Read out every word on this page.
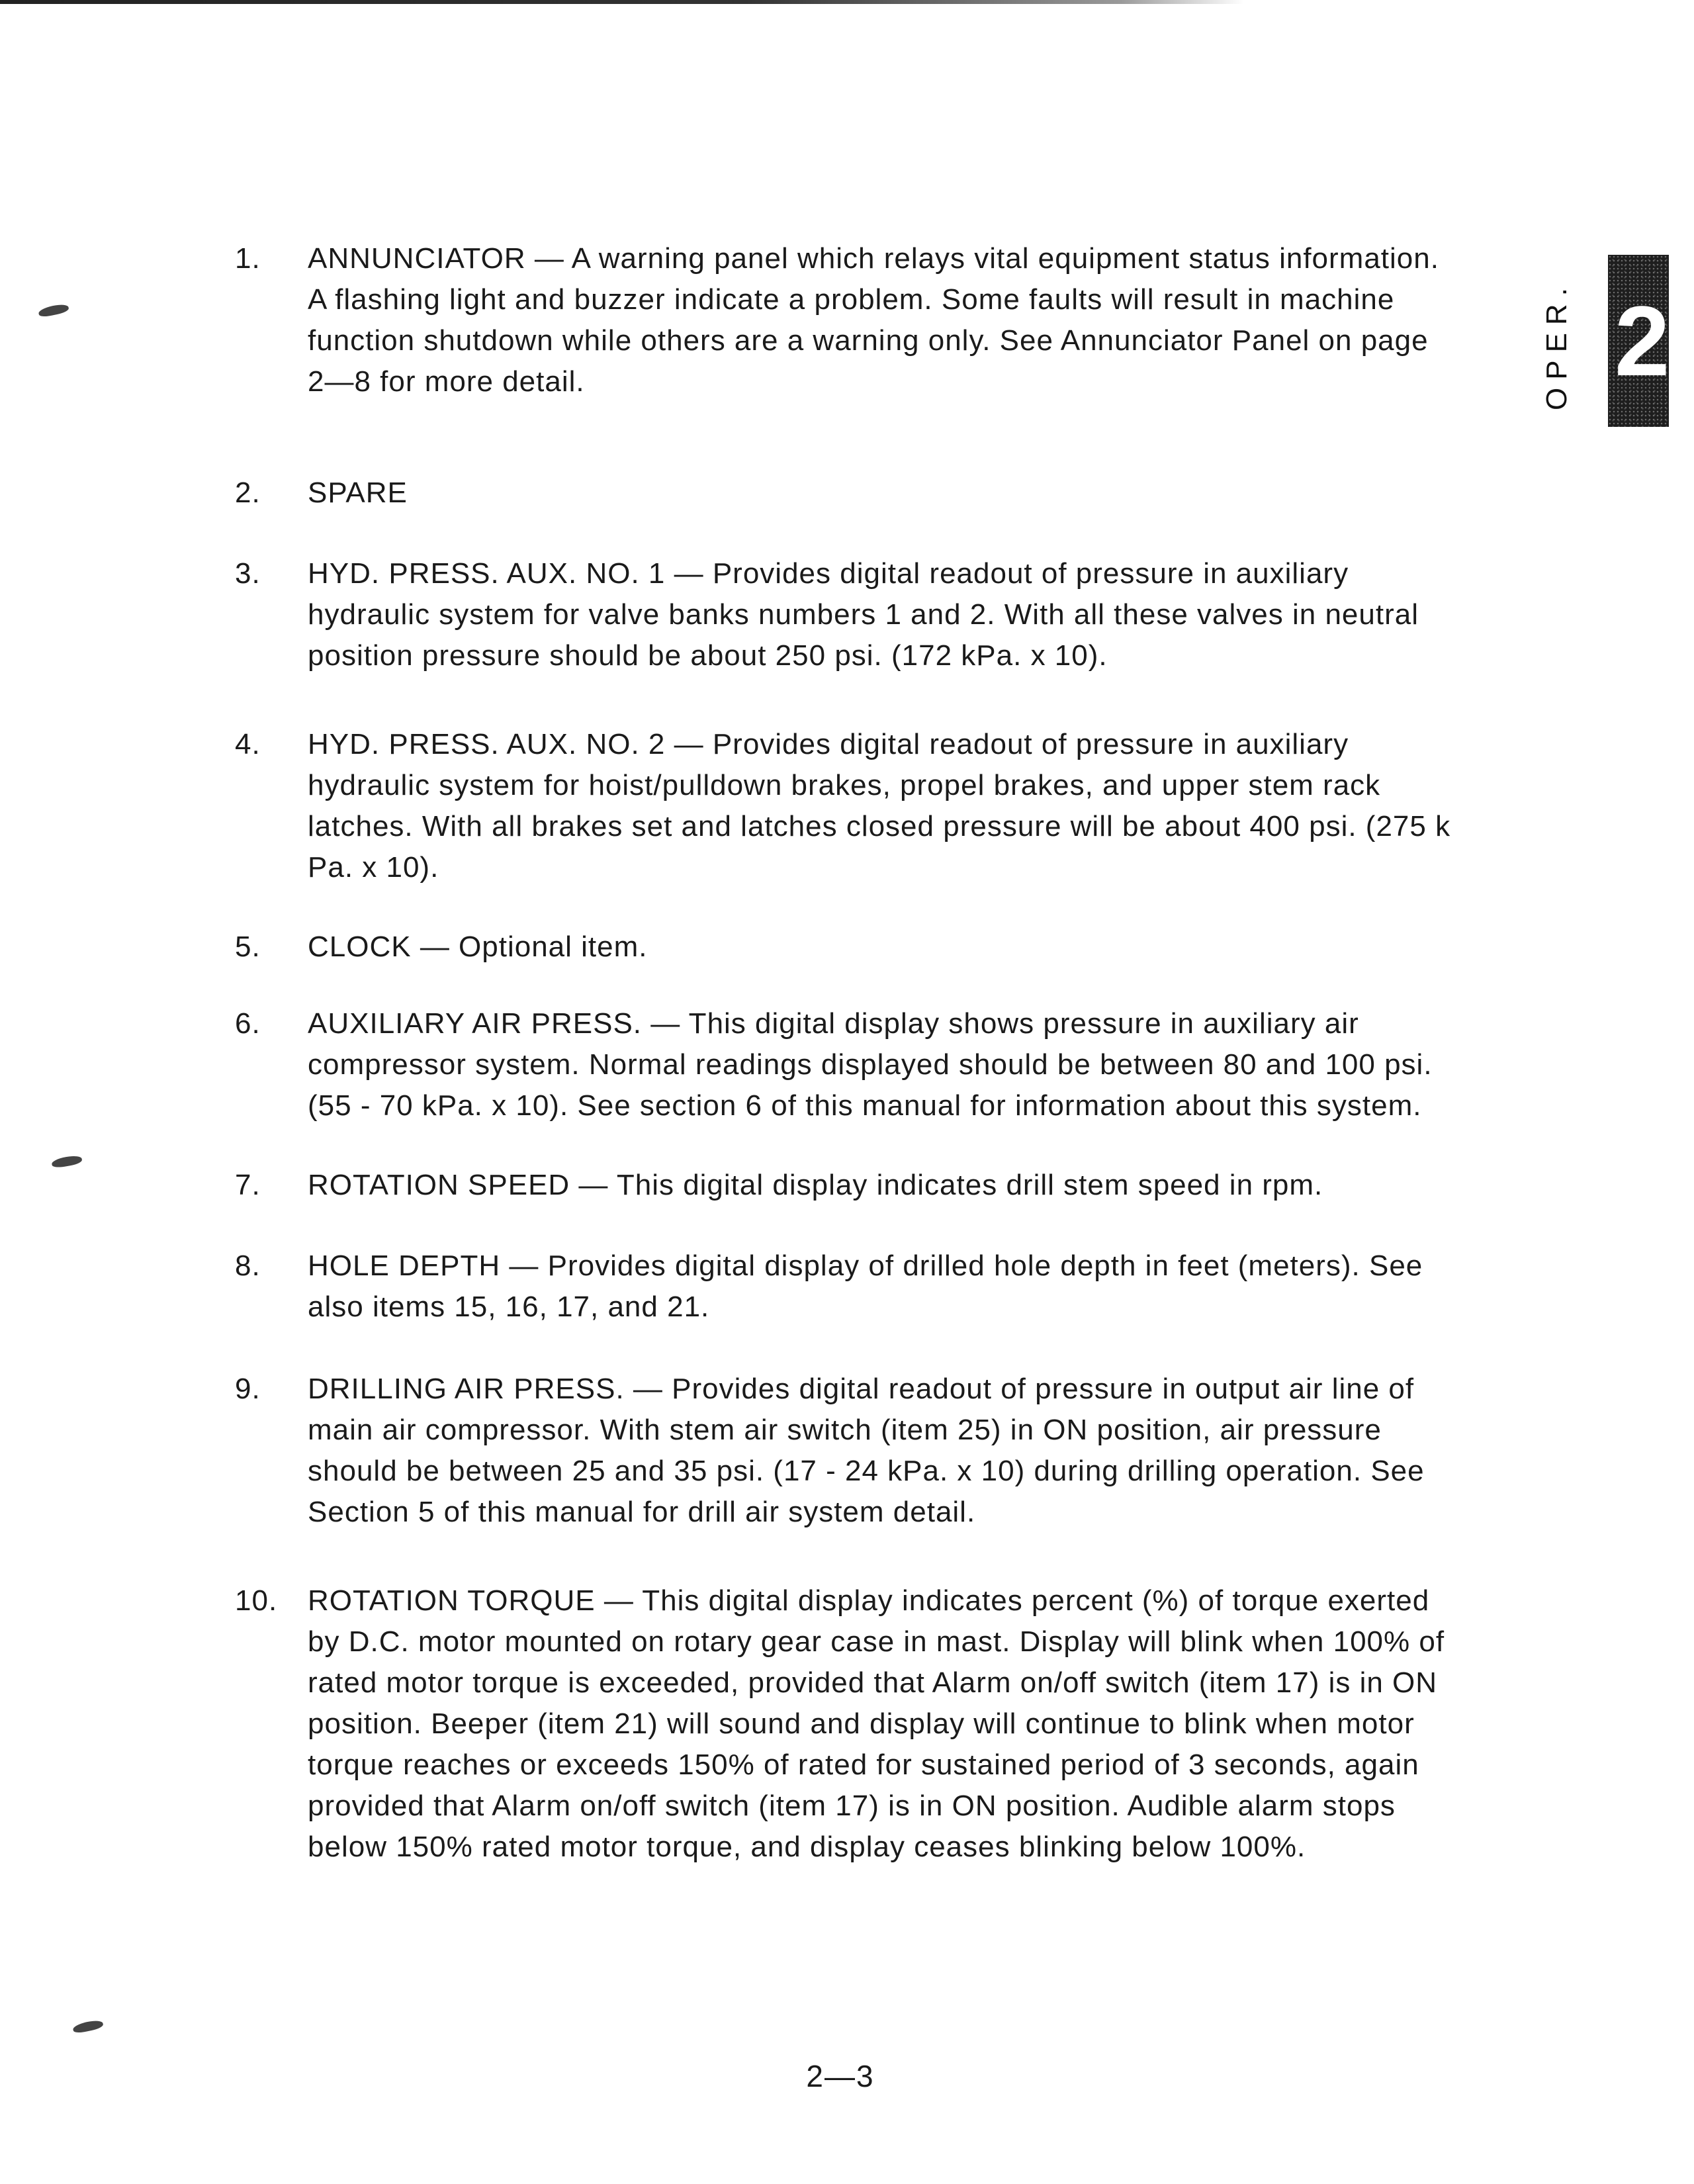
OPER. 2
1.	ANNUNCIATOR — A warning panel which relays vital equipment status information. A flashing light and buzzer indicate a problem. Some faults will result in machine function shutdown while others are a warning only. See Annunciator Panel on page 2—8 for more detail.
2.	SPARE
3.	HYD. PRESS. AUX. NO. 1 — Provides digital readout of pressure in auxiliary hydraulic system for valve banks numbers 1 and 2. With all these valves in neutral position pressure should be about 250 psi. (172 kPa. x 10).
4.	HYD. PRESS. AUX. NO. 2 — Provides digital readout of pressure in auxiliary hydraulic system for hoist/pulldown brakes, propel brakes, and upper stem rack latches. With all brakes set and latches closed pressure will be about 400 psi. (275 k Pa. x 10).
5.	CLOCK — Optional item.
6.	AUXILIARY AIR PRESS. — This digital display shows pressure in auxiliary air compressor system. Normal readings displayed should be between 80 and 100 psi. (55 - 70 kPa. x 10). See section 6 of this manual for information about this system.
7.	ROTATION SPEED — This digital display indicates drill stem speed in rpm.
8.	HOLE DEPTH — Provides digital display of drilled hole depth in feet (meters). See also items 15, 16, 17, and 21.
9.	DRILLING AIR PRESS. — Provides digital readout of pressure in output air line of main air compressor. With stem air switch (item 25) in ON position, air pressure should be between 25 and 35 psi. (17 - 24 kPa. x 10) during drilling operation. See Section 5 of this manual for drill air system detail.
10.	ROTATION TORQUE — This digital display indicates percent (%) of torque exerted by D.C. motor mounted on rotary gear case in mast. Display will blink when 100% of rated motor torque is exceeded, provided that Alarm on/off switch (item 17) is in ON position. Beeper (item 21) will sound and display will continue to blink when motor torque reaches or exceeds 150% of rated for sustained period of 3 seconds, again provided that Alarm on/off switch (item 17) is in ON position. Audible alarm stops below 150% rated motor torque, and display ceases blinking below 100%.
2—3
